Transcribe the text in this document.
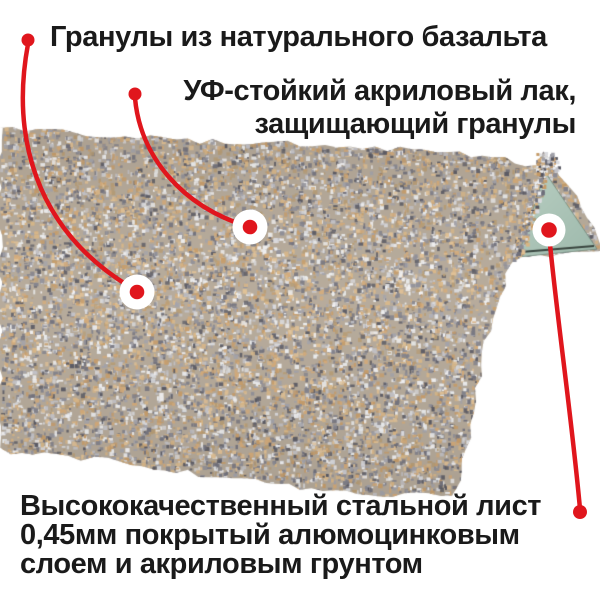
Гранулы из натурального базальта
УФ-стойкий акриловый лак,
защищающий гранулы
Высококачественный стальной лист
0,45мм покрытый алюмоцинковым
слоем и акриловым грунтом
